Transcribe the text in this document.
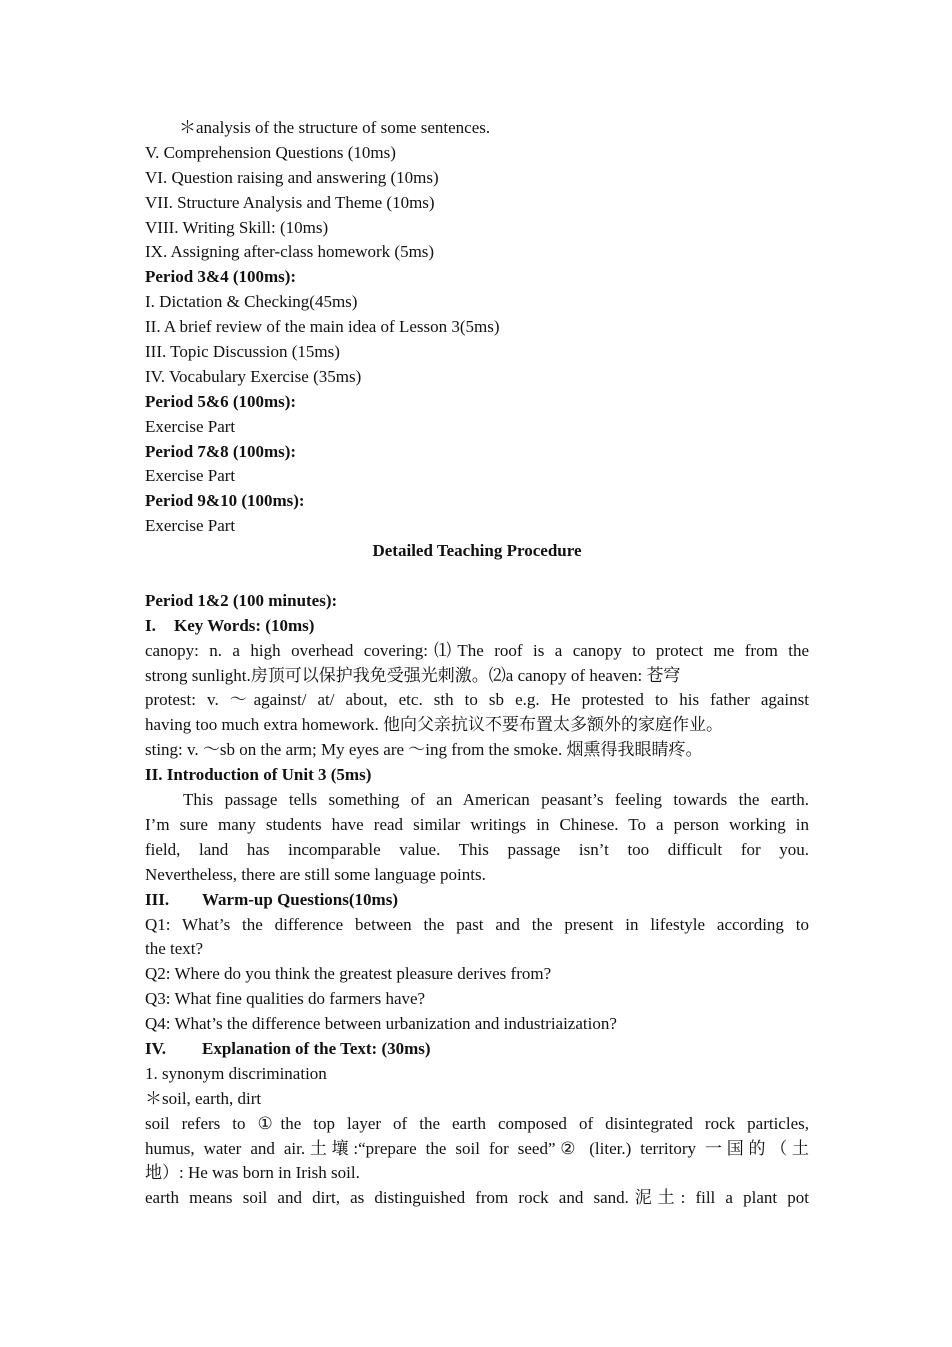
＊analysis of the structure of some sentences.
V. Comprehension Questions (10ms)
VI. Question raising and answering (10ms)
VII. Structure Analysis and Theme (10ms)
VIII. Writing Skill: (10ms)
IX. Assigning after-class homework (5ms)
Period 3&4 (100ms):
I. Dictation & Checking(45ms)
II. A brief review of the main idea of Lesson 3(5ms)
III. Topic Discussion (15ms)
IV. Vocabulary Exercise (35ms)
Period 5&6 (100ms):
Exercise Part
Period 7&8 (100ms):
Exercise Part
Period 9&10 (100ms):
Exercise Part
Detailed Teaching Procedure
Period 1&2 (100 minutes):
I. Key Words: (10ms)
canopy: n. a high overhead covering:⑴The roof is a canopy to protect me from the
strong sunlight.房顶可以保护我免受强光刺激。⑵a canopy of heaven: 苍穹
protest: v. ～against/ at/ about, etc. sth to sb e.g. He protested to his father against
having too much extra homework. 他向父亲抗议不要布置太多额外的家庭作业。
sting: v. ～sb on the arm; My eyes are ～ing from the smoke. 烟熏得我眼睛疼。
II. Introduction of Unit 3 (5ms)
This passage tells something of an American peasant’s feeling towards the earth.
I’m sure many students have read similar writings in Chinese. To a person working in
field, land has incomparable value. This passage isn’t too difficult for you.
Nevertheless, there are still some language points.
III. Warm-up Questions(10ms)
Q1: What’s the difference between the past and the present in lifestyle according to
the text?
Q2: Where do you think the greatest pleasure derives from?
Q3: What fine qualities do farmers have?
Q4: What’s the difference between urbanization and industriaization?
IV. Explanation of the Text: (30ms)
1. synonym discrimination
＊soil, earth, dirt
soil refers to ①the top layer of the earth composed of disintegrated rock particles,
humus, water and air.土壤:“prepare the soil for seed”② (liter.) territory 一国的（土
地）: He was born in Irish soil.
earth means soil and dirt, as distinguished from rock and sand.泥土: fill a plant pot
